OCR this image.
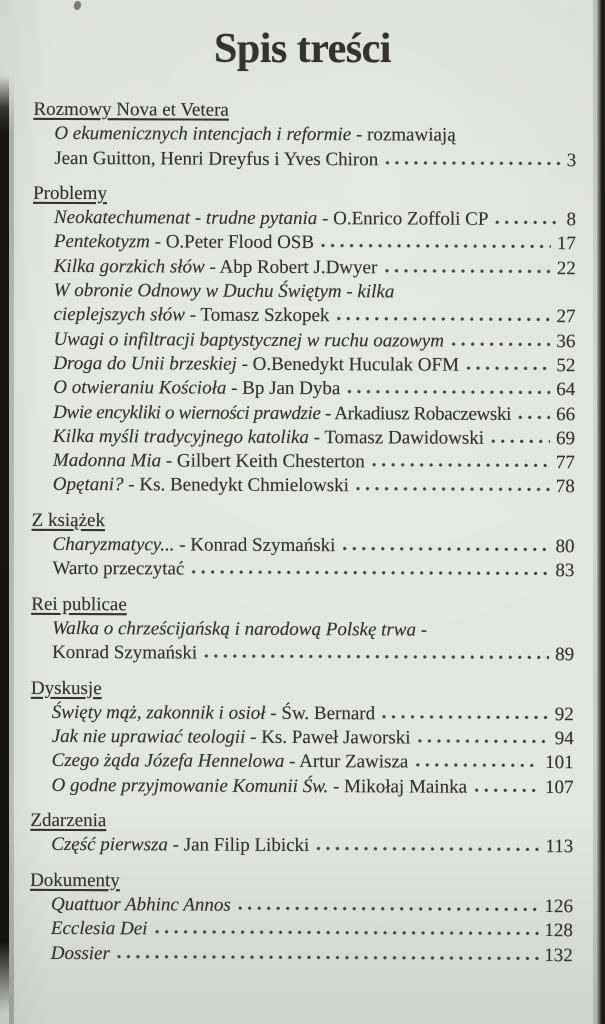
Spis treści
Rozmowy Nova et Vetera
O ekumenicznych intencjach i reformie - rozmawiają
Jean Guitton, Henri Dreyfus i Yves Chiron	3
Problemy
Neokatechumenat - trudne pytania - O.Enrico Zoffoli CP	8
Pentekotyzm - O.Peter Flood OSB	17
Kilka gorzkich słów - Abp Robert J.Dwyer	22
W obronie Odnowy w Duchu Świętym - kilka
cieplejszych słów - Tomasz Szkopek	27
Uwagi o infiltracji baptystycznej w ruchu oazowym	36
Droga do Unii brzeskiej - O.Benedykt Huculak OFM	52
O otwieraniu Kościoła - Bp Jan Dyba	64
Dwie encykliki o wierności prawdzie - Arkadiusz Robaczewski 66
Kilka myśli tradycyjnego katolika - Tomasz Dawidowski	69
Madonna Mia - Gilbert Keith Chesterton	77
Opętani? - Ks. Benedykt Chmielowski	78
Z książek
Charyzmatycy... - Konrad Szymański	80
Warto przeczytać	83
Rei publicae
Walka o chrześcijańską i narodową Polskę trwa -
Konrad Szymański	89
Dyskusje
Święty mąż, zakonnik i osioł - Św. Bernard	92
Jak nie uprawiać teologii - Ks. Paweł Jaworski	94
Czego żąda Józefa Hennelowa - Artur Zawisza	101
O godne przyjmowanie Komunii Św. - Mikołaj Mainka	107
Zdarzenia
Część pierwsza - Jan Filip Libicki	113
Dokumenty
Quattuor Abhinc Annos	126
Ecclesia Dei	128
Dossier	132
